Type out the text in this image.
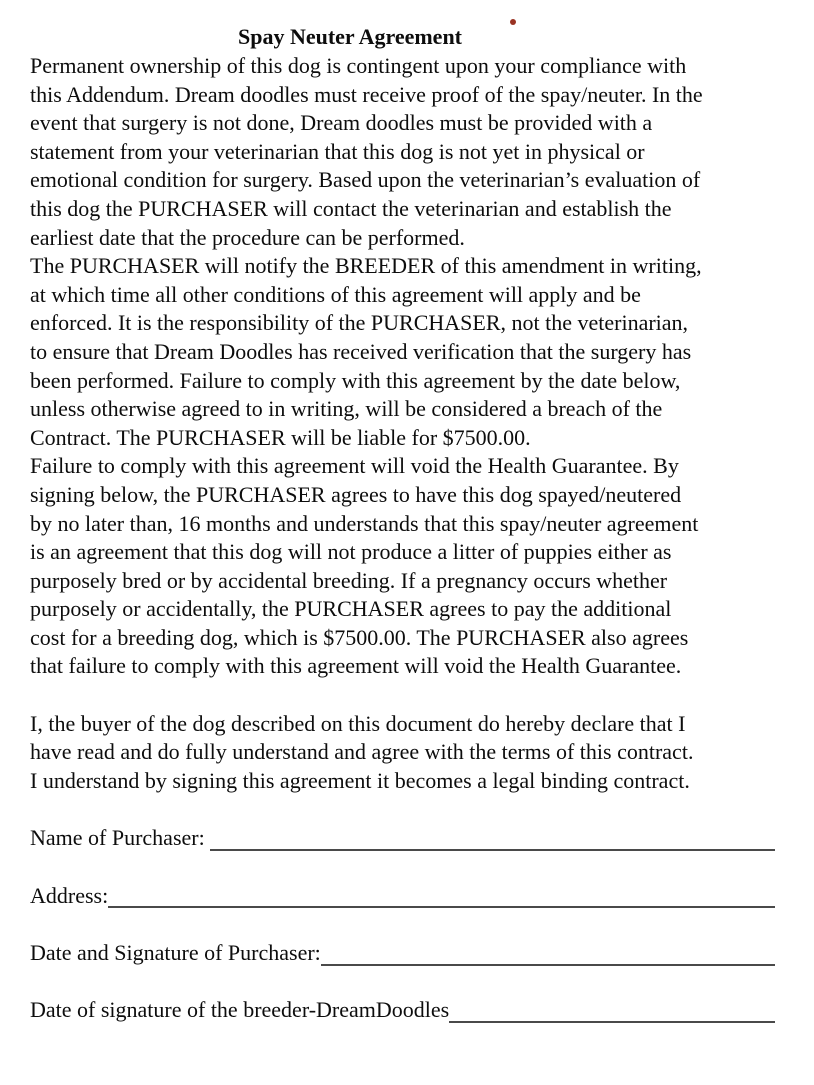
Spay Neuter Agreement
Permanent ownership of this dog is contingent upon your compliance with
this Addendum. Dream doodles must receive proof of the spay/neuter. In the
event that surgery is not done, Dream doodles must be provided with a
statement from your veterinarian that this dog is not yet in physical or
emotional condition for surgery. Based upon the veterinarian’s evaluation of
this dog the PURCHASER will contact the veterinarian and establish the
earliest date that the procedure can be performed.
The PURCHASER will notify the BREEDER of this amendment in writing,
at which time all other conditions of this agreement will apply and be
enforced. It is the responsibility of the PURCHASER, not the veterinarian,
to ensure that Dream Doodles has received verification that the surgery has
been performed. Failure to comply with this agreement by the date below,
unless otherwise agreed to in writing, will be considered a breach of the
Contract. The PURCHASER will be liable for $7500.00.
Failure to comply with this agreement will void the Health Guarantee. By
signing below, the PURCHASER agrees to have this dog spayed/neutered
by no later than, 16 months and understands that this spay/neuter agreement
is an agreement that this dog will not produce a litter of puppies either as
purposely bred or by accidental breeding. If a pregnancy occurs whether
purposely or accidentally, the PURCHASER agrees to pay the additional
cost for a breeding dog, which is $7500.00. The PURCHASER also agrees
that failure to comply with this agreement will void the Health Guarantee.
I, the buyer of the dog described on this document do hereby declare that I
have read and do fully understand and agree with the terms of this contract.
I understand by signing this agreement it becomes a legal binding contract.
Name of Purchaser:
Address:
Date and Signature of Purchaser:
Date of signature of the breeder-DreamDoodles
